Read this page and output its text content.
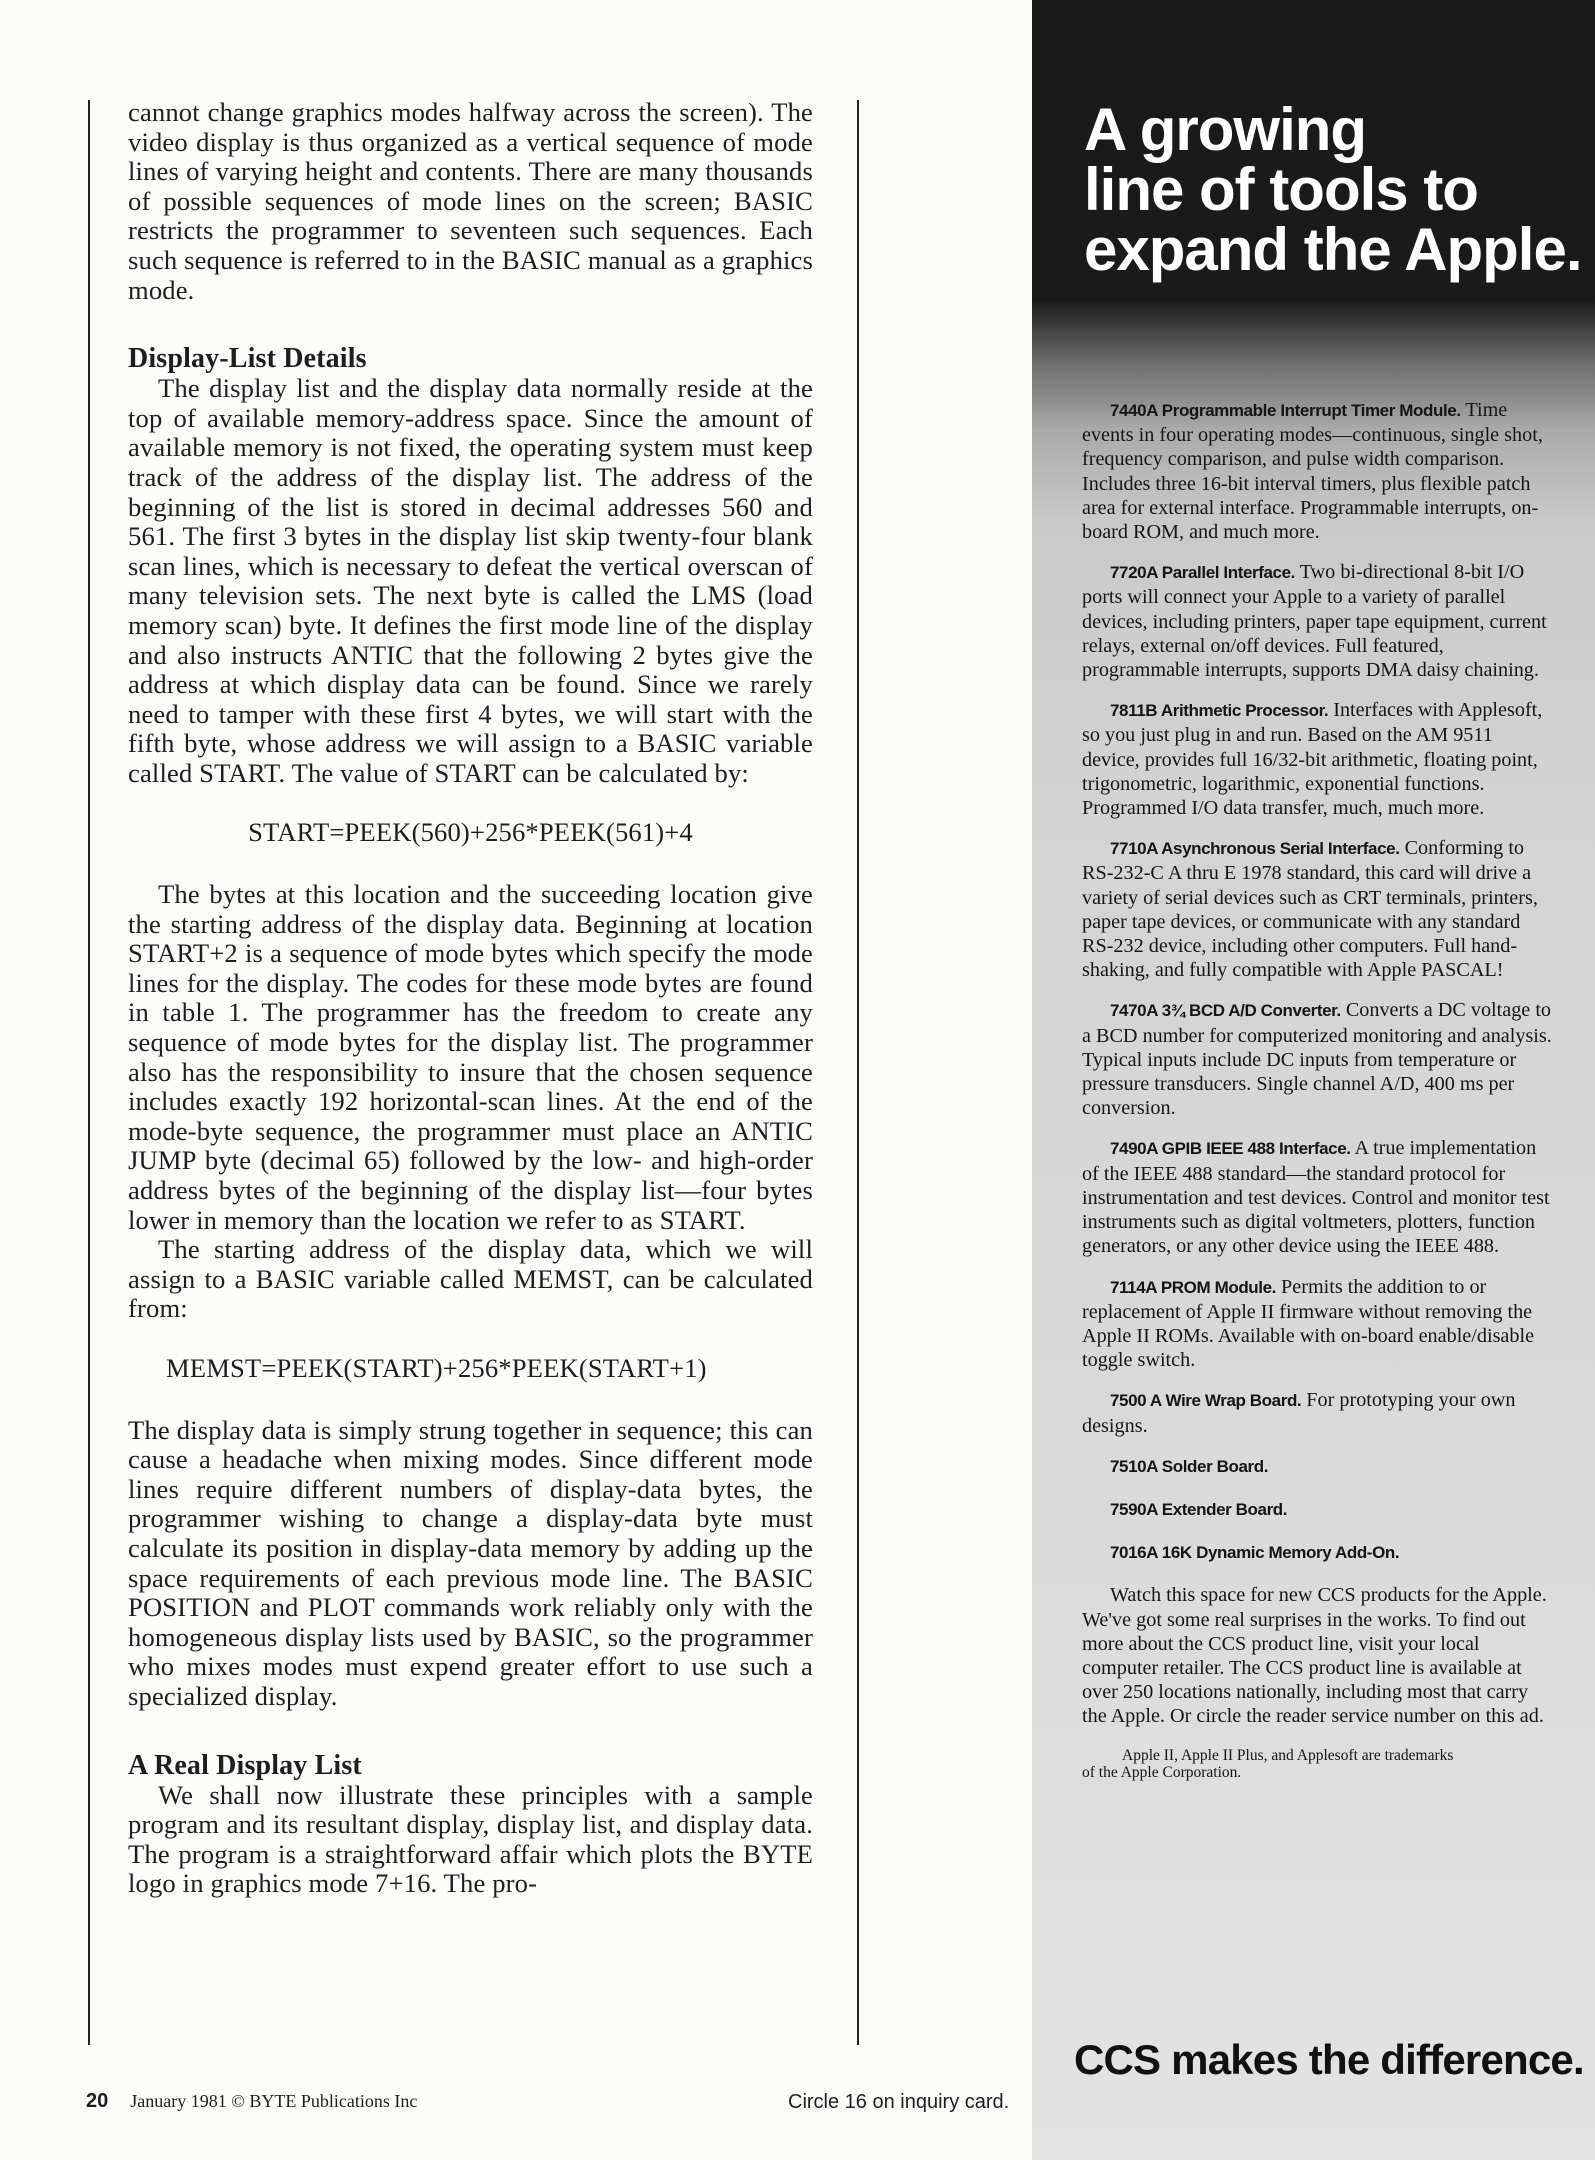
cannot change graphics modes halfway across the screen). The video display is thus organized as a vertical sequence of mode lines of varying height and contents. There are many thousands of possible sequences of mode lines on the screen; BASIC restricts the programmer to seventeen such sequences. Each such sequence is referred to in the BASIC manual as a graphics mode.

Display-List Details

The display list and the display data normally reside at the top of available memory-address space. Since the amount of available memory is not fixed, the operating system must keep track of the address of the display list. The address of the beginning of the list is stored in decimal addresses 560 and 561. The first 3 bytes in the display list skip twenty-four blank scan lines, which is necessary to defeat the vertical overscan of many television sets. The next byte is called the LMS (load memory scan) byte. It defines the first mode line of the display and also instructs ANTIC that the following 2 bytes give the address at which display data can be found. Since we rarely need to tamper with these first 4 bytes, we will start with the fifth byte, whose address we will assign to a BASIC variable called START. The value of START can be calculated by:

START=PEEK(560)+256*PEEK(561)+4

The bytes at this location and the succeeding location give the starting address of the display data. Beginning at location START+2 is a sequence of mode bytes which specify the mode lines for the display. The codes for these mode bytes are found in table 1. The programmer has the freedom to create any sequence of mode bytes for the display list. The programmer also has the responsibility to insure that the chosen sequence includes exactly 192 horizontal-scan lines. At the end of the mode-byte sequence, the programmer must place an ANTIC JUMP byte (decimal 65) followed by the low- and high-order address bytes of the beginning of the display list—four bytes lower in memory than the location we refer to as START.

The starting address of the display data, which we will assign to a BASIC variable called MEMST, can be calculated from:

MEMST=PEEK(START)+256*PEEK(START+1)

The display data is simply strung together in sequence; this can cause a headache when mixing modes. Since different mode lines require different numbers of display-data bytes, the programmer wishing to change a display-data byte must calculate its position in display-data memory by adding up the space requirements of each previous mode line. The BASIC POSITION and PLOT commands work reliably only with the homogeneous display lists used by BASIC, so the programmer who mixes modes must expend greater effort to use such a specialized display.

A Real Display List

We shall now illustrate these principles with a sample program and its resultant display, display list, and display data. The program is a straightforward affair which plots the BYTE logo in graphics mode 7+16. The pro-

20 January 1981 © BYTE Publications Inc	Circle 16 on inquiry card.
A growing
line of tools to
expand the Apple.
7440A Programmable Interrupt Timer Module. Time events in four operating modes—continuous, single shot, frequency comparison, and pulse width comparison. Includes three 16-bit interval timers, plus flexible patch area for external interface. Programmable interrupts, on-board ROM, and much more.
7720A Parallel Interface. Two bi-directional 8-bit I/O ports will connect your Apple to a variety of parallel devices, including printers, paper tape equipment, current relays, external on/off devices. Full featured, programmable interrupts, supports DMA daisy chaining.
7811B Arithmetic Processor. Interfaces with Applesoft, so you just plug in and run. Based on the AM 9511 device, provides full 16/32-bit arithmetic, floating point, trigonometric, logarithmic, exponential functions. Programmed I/O data transfer, much, much more.
7710A Asynchronous Serial Interface. Conforming to RS-232-C A thru E 1978 standard, this card will drive a variety of serial devices such as CRT terminals, printers, paper tape devices, or communicate with any standard RS-232 device, including other computers. Full hand-shaking, and fully compatible with Apple PASCAL!
7470A 3¾ BCD A/D Converter. Converts a DC voltage to a BCD number for computerized monitoring and analysis. Typical inputs include DC inputs from temperature or pressure transducers. Single channel A/D, 400 ms per conversion.
7490A GPIB IEEE 488 Interface. A true implementation of the IEEE 488 standard—the standard protocol for instrumentation and test devices. Control and monitor test instruments such as digital voltmeters, plotters, function generators, or any other device using the IEEE 488.
7114A PROM Module. Permits the addition to or replacement of Apple II firmware without removing the Apple II ROMs. Available with on-board enable/disable toggle switch.
7500 A Wire Wrap Board. For prototyping your own designs.
7510A Solder Board.
7590A Extender Board.
7016A 16K Dynamic Memory Add-On.
Watch this space for new CCS products for the Apple. We've got some real surprises in the works. To find out more about the CCS product line, visit your local computer retailer. The CCS product line is available at over 250 locations nationally, including most that carry the Apple. Or circle the reader service number on this ad.
Apple II, Apple II Plus, and Applesoft are trademarks
of the Apple Corporation.
CCS makes the difference.
